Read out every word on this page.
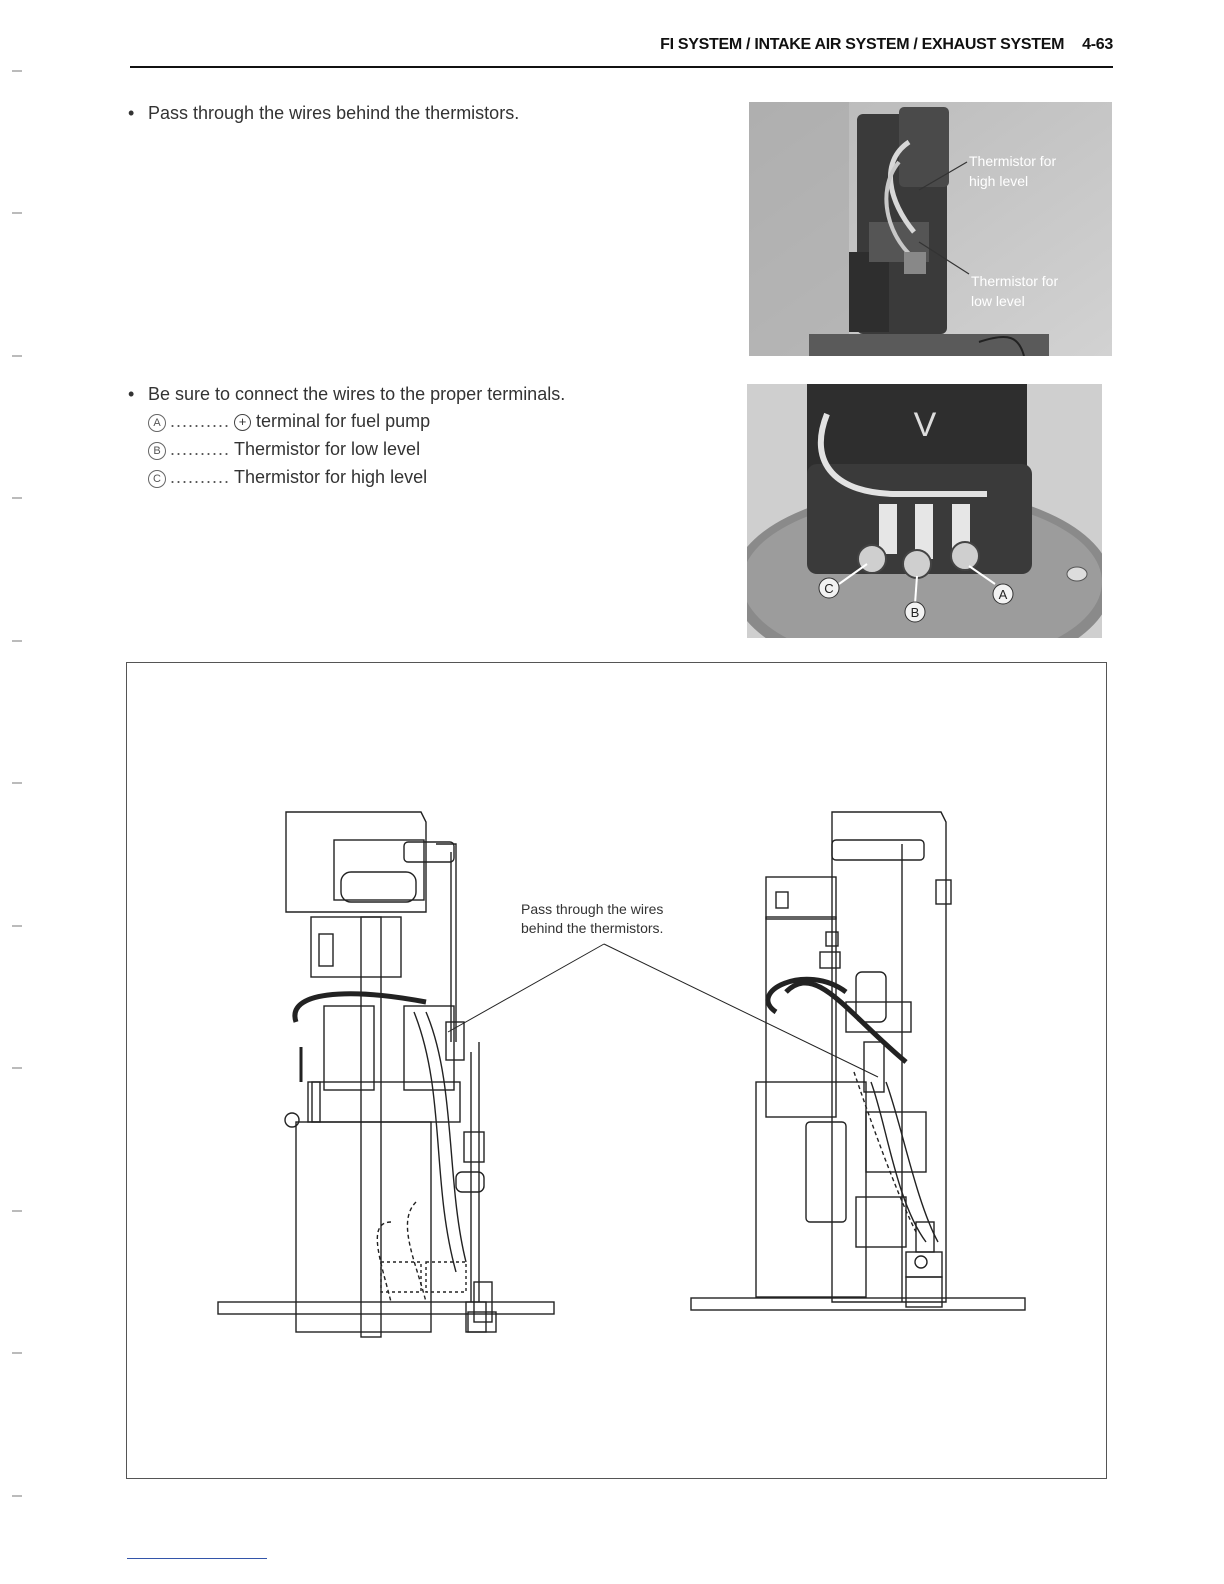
FI SYSTEM / INTAKE AIR SYSTEM / EXHAUST SYSTEM 4-63
• Pass through the wires behind the thermistors.
• Be sure to connect the wires to the proper terminals.
A .......... + terminal for fuel pump
B .......... Thermistor for low level
C .......... Thermistor for high level
Thermistor for
high level
Thermistor for
low level
V
C
B
A
Pass through the wires
behind the thermistors.
